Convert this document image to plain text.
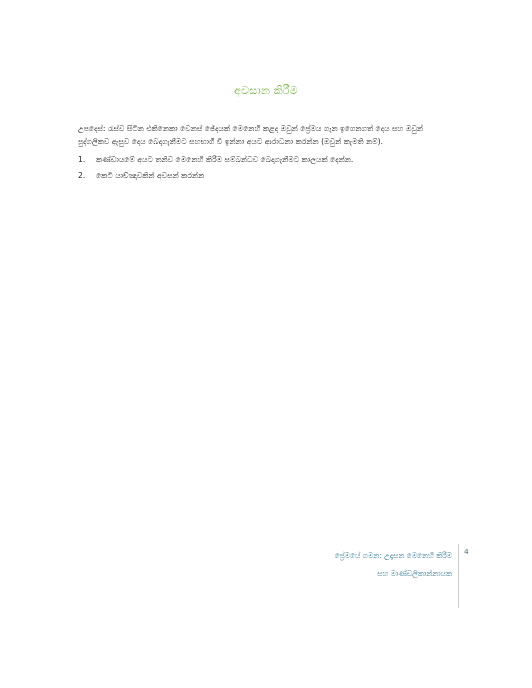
අවසාන කිරීම
උපදෙස්: රැස්ව සිටින එකිනෙකා වෙනස් ඡේදයක් මෙනෙහි කළද ඔවුන් ප්‍රේමය ගැන ඉගෙනගත් දෙය සහ ඔවුන් පුද්ගලිකව ඇසුව දෙය බෙදාගැනීමට සහභාගී වී ඉන්නා අයට ආරාධනා කරන්න (ඔවුන් කැමති නම්).
1.	කණ්ඩායමේ අයට තනිව මෙනෙහි කිරීම සම්බන්ධව බෙදාගැනීමට කාලයක් දෙන්න.
2.	කෙටි යාච්ඤාවකින් අවසන් කරන්න
ප්‍රේමයේ ගමන: උදෑසන මෙනෙහි කිරීම
සහ මාණ්ඩලිකාන්නායක
4
